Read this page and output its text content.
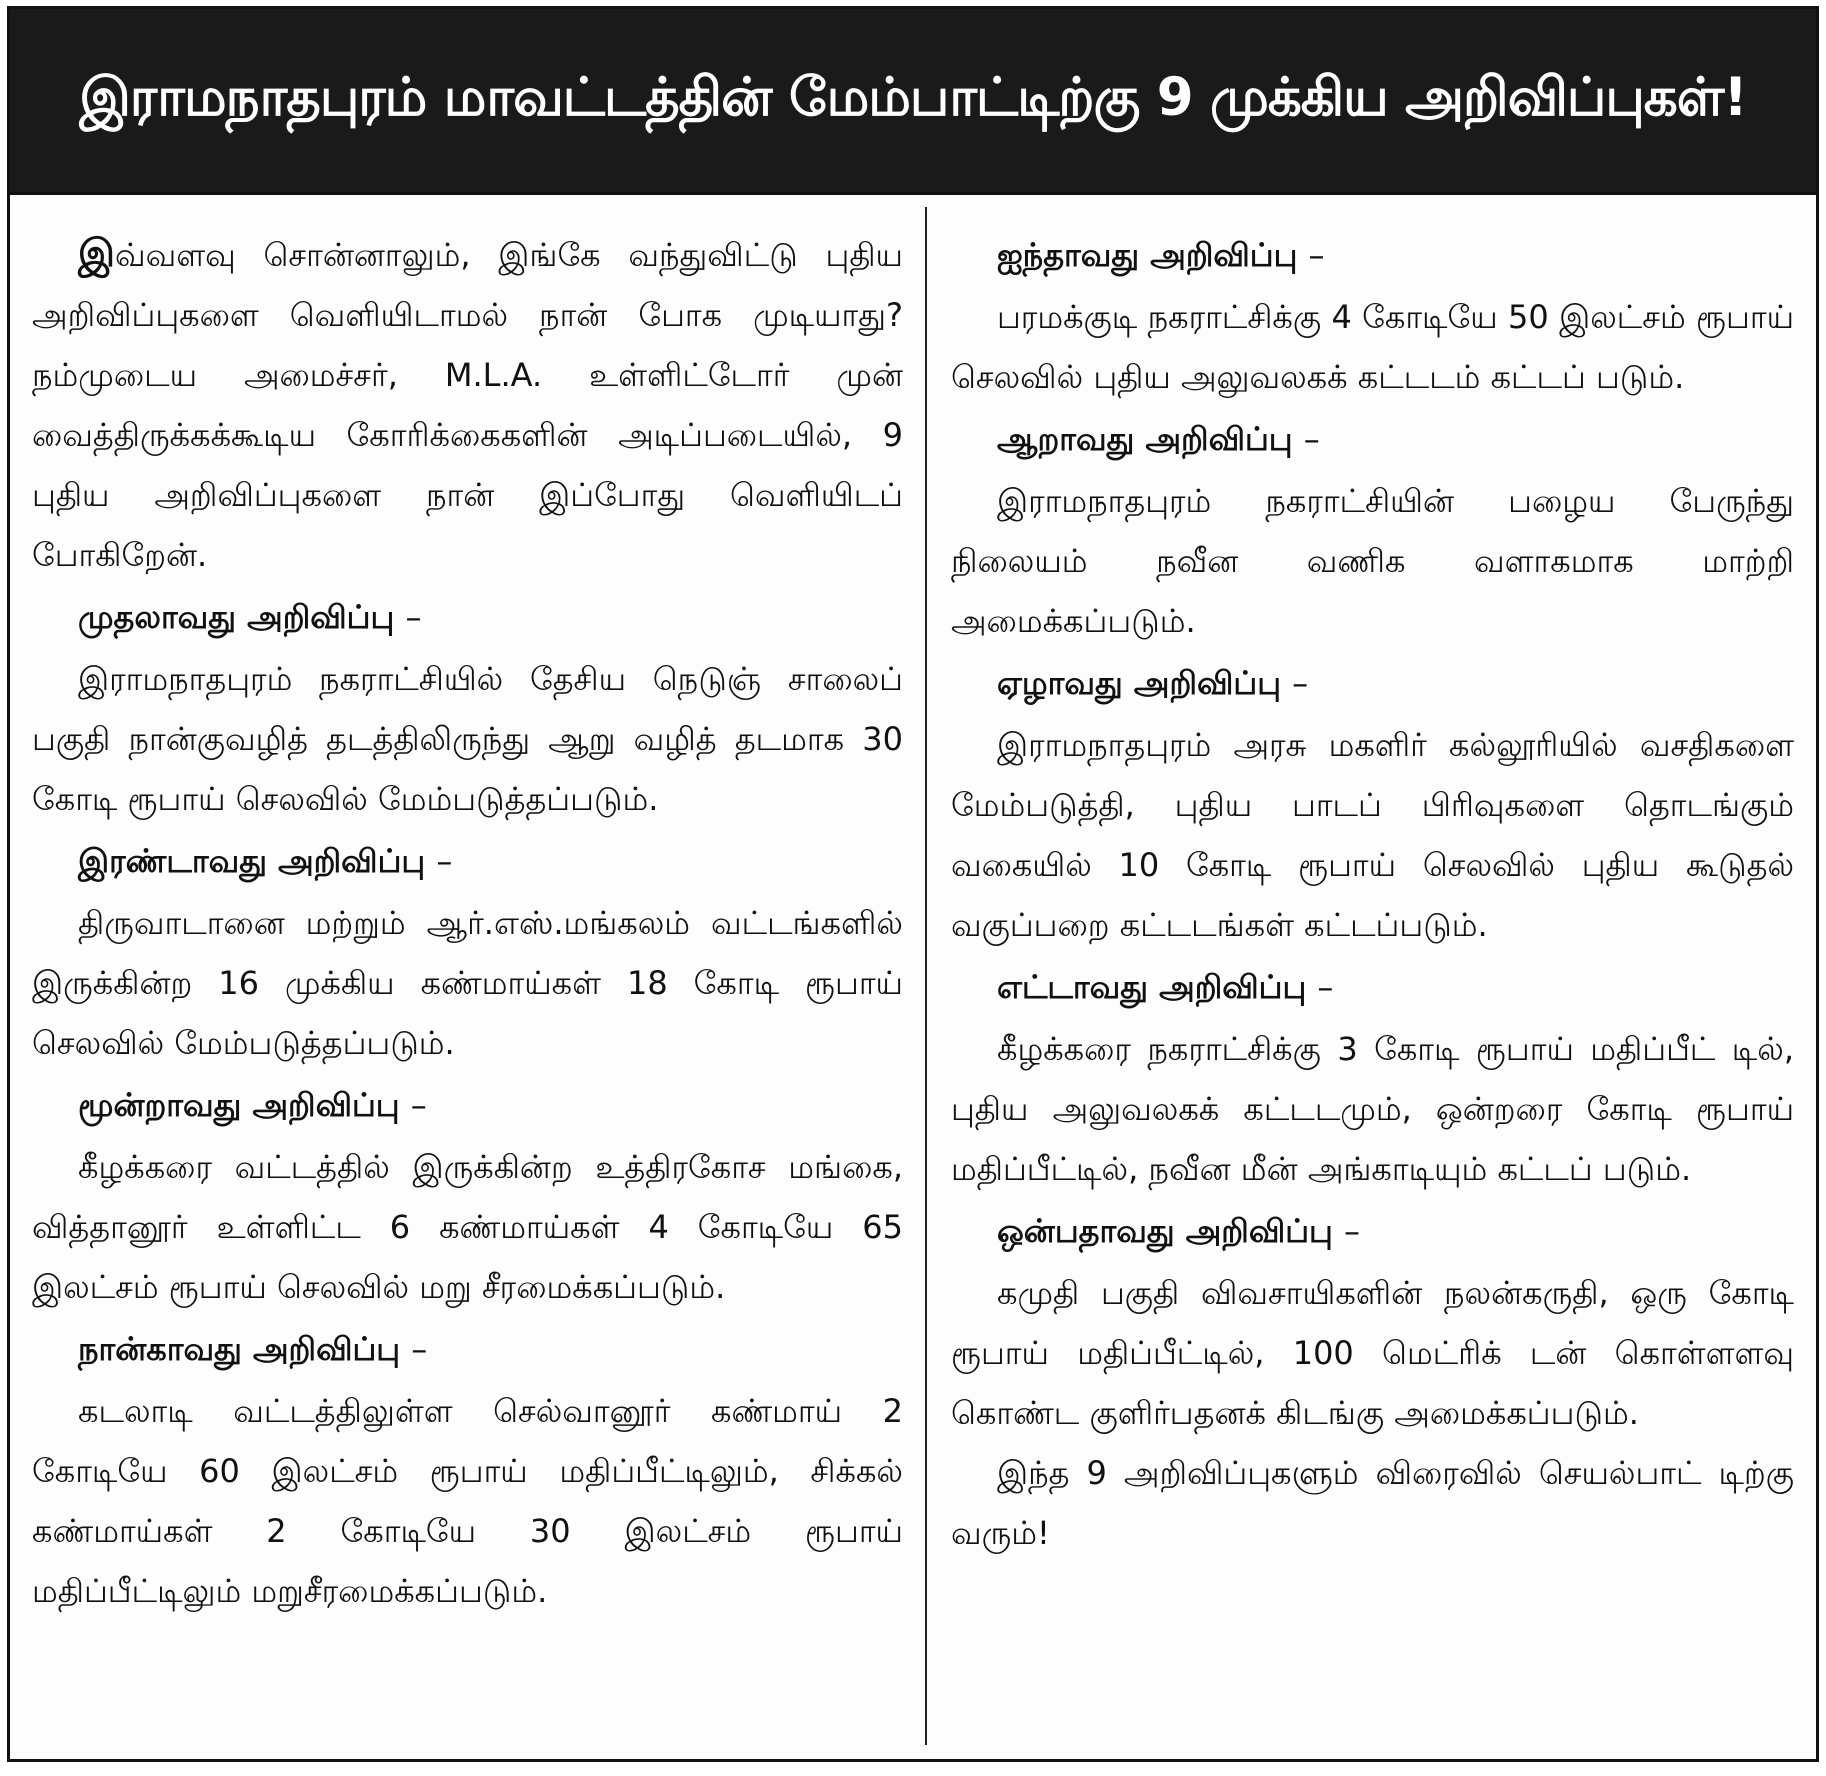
இராமநாதபுரம் மாவட்டத்தின் மேம்பாட்டிற்கு 9 முக்கிய அறிவிப்புகள்!

இவ்வளவு சொன்னாலும், இங்கே வந்துவிட்டு புதிய அறிவிப்புகளை வெளியிடாமல் நான் போக முடியாது? நம்முடைய அமைச்சர், M.L.A. உள்ளிட்டோர் முன் வைத்திருக்கக்கூடிய கோரிக்கைகளின் அடிப்படையில், 9 புதிய அறிவிப்புகளை நான் இப்போது வெளியிடப் போகிறேன்.

முதலாவது அறிவிப்பு –

இராமநாதபுரம் நகராட்சியில் தேசிய நெடுஞ் சாலைப் பகுதி நான்குவழித் தடத்திலிருந்து ஆறு வழித் தடமாக 30 கோடி ரூபாய் செலவில் மேம்படுத்தப்படும்.

இரண்டாவது அறிவிப்பு –

திருவாடானை மற்றும் ஆர்.எஸ்.மங்கலம் வட்டங்களில் இருக்கின்ற 16 முக்கிய கண்மாய்கள் 18 கோடி ரூபாய் செலவில் மேம்படுத்தப்படும்.

மூன்றாவது அறிவிப்பு –

கீழக்கரை வட்டத்தில் இருக்கின்ற உத்திரகோச மங்கை, வித்தானூர் உள்ளிட்ட 6 கண்மாய்கள் 4 கோடியே 65 இலட்சம் ரூபாய் செலவில் மறு சீரமைக்கப்படும்.

நான்காவது அறிவிப்பு –

கடலாடி வட்டத்திலுள்ள செல்வானூர் கண்மாய் 2 கோடியே 60 இலட்சம் ரூபாய் மதிப்பீட்டிலும், சிக்கல் கண்மாய்கள் 2 கோடியே 30 இலட்சம் ரூபாய் மதிப்பீட்டிலும் மறுசீரமைக்கப்படும்.

ஐந்தாவது அறிவிப்பு –

பரமக்குடி நகராட்சிக்கு 4 கோடியே 50 இலட்சம் ரூபாய் செலவில் புதிய அலுவலகக் கட்டடம் கட்டப் படும்.

ஆறாவது அறிவிப்பு –

இராமநாதபுரம் நகராட்சியின் பழைய பேருந்து நிலையம் நவீன வணிக வளாகமாக மாற்றி அமைக்கப்படும்.

ஏழாவது அறிவிப்பு –

இராமநாதபுரம் அரசு மகளிர் கல்லூரியில் வசதிகளை மேம்படுத்தி, புதிய பாடப் பிரிவுகளை தொடங்கும் வகையில் 10 கோடி ரூபாய் செலவில் புதிய கூடுதல் வகுப்பறை கட்டடங்கள் கட்டப்படும்.

எட்டாவது அறிவிப்பு –

கீழக்கரை நகராட்சிக்கு 3 கோடி ரூபாய் மதிப்பீட் டில், புதிய அலுவலகக் கட்டடமும், ஒன்றரை கோடி ரூபாய் மதிப்பீட்டில், நவீன மீன் அங்காடியும் கட்டப் படும்.

ஒன்பதாவது அறிவிப்பு –

கமுதி பகுதி விவசாயிகளின் நலன்கருதி, ஒரு கோடி ரூபாய் மதிப்பீட்டில், 100 மெட்ரிக் டன் கொள்ளளவு கொண்ட குளிர்பதனக் கிடங்கு அமைக்கப்படும்.

இந்த 9 அறிவிப்புகளும் விரைவில் செயல்பாட் டிற்கு வரும்!
